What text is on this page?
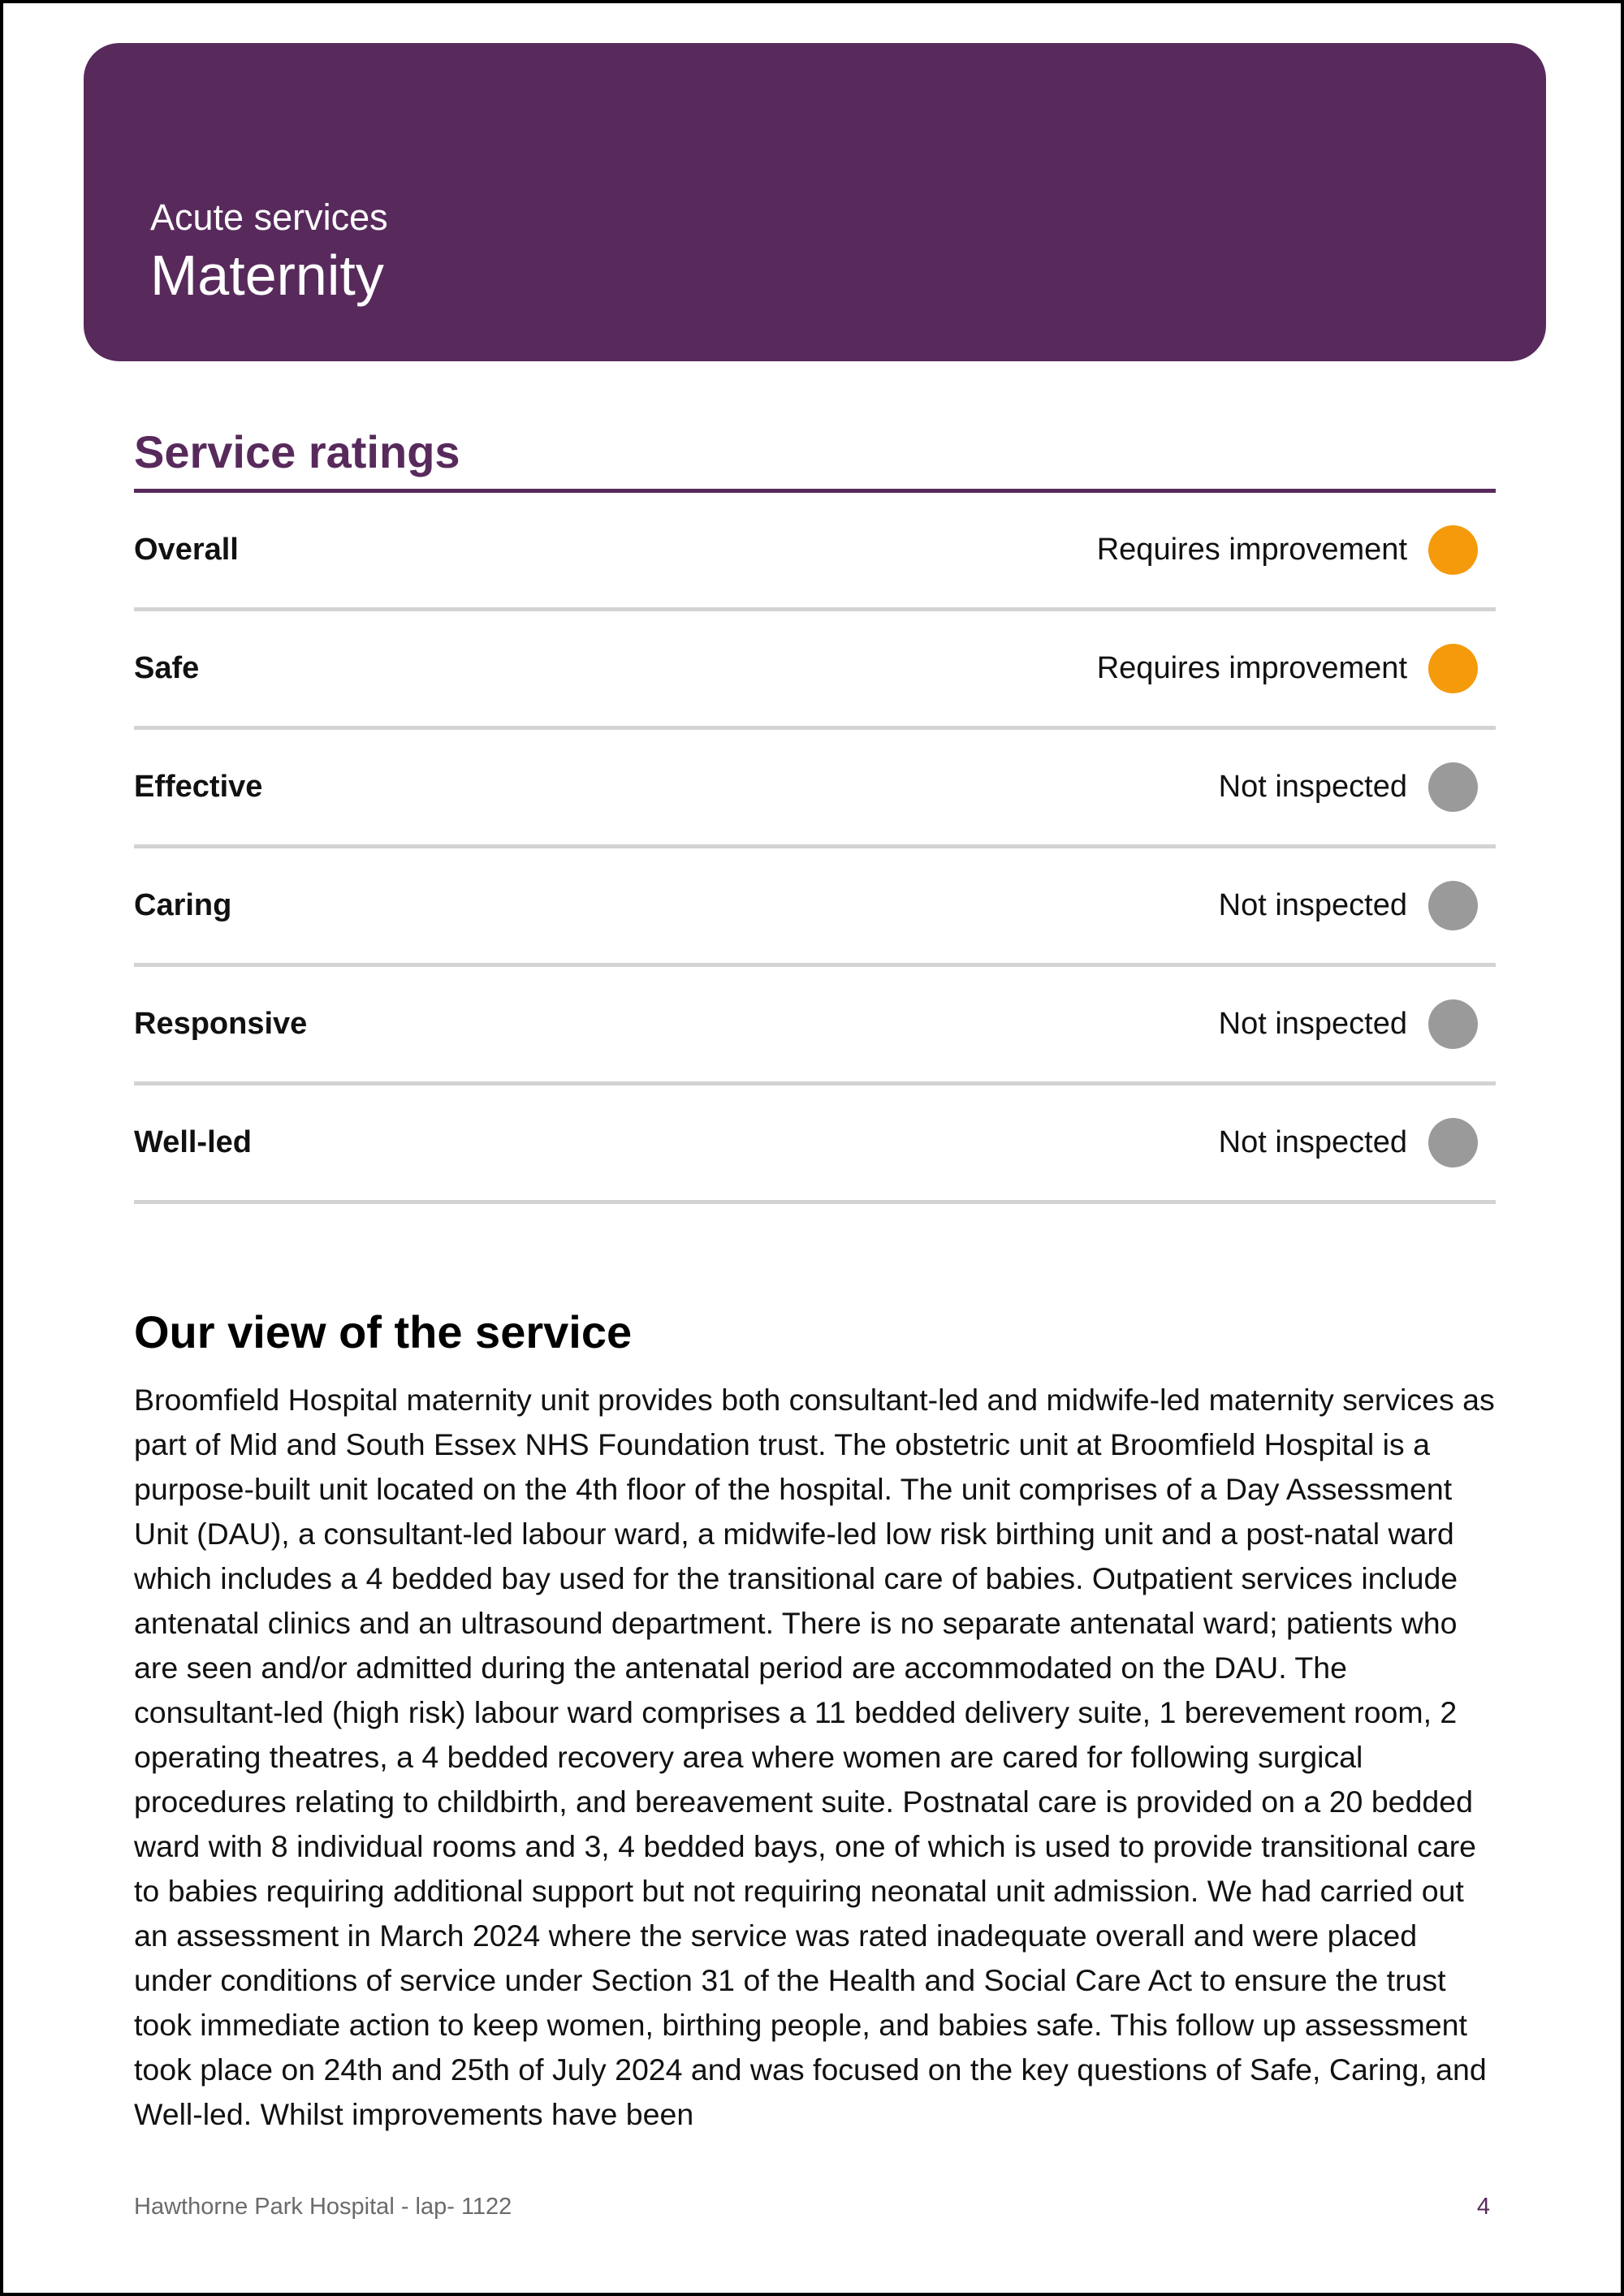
Acute services
Maternity
Service ratings
Overall	Requires improvement
Safe	Requires improvement
Effective	Not inspected
Caring	Not inspected
Responsive	Not inspected
Well-led	Not inspected
Our view of the service

Broomfield Hospital maternity unit provides both consultant-led and midwife-led maternity services as part of Mid and South Essex NHS Foundation trust. The obstetric unit at Broomfield Hospital is a purpose-built unit located on the 4th floor of the hospital. The unit comprises of a Day Assessment Unit (DAU), a consultant-led labour ward, a midwife-led low risk birthing unit and a post-natal ward which includes a 4 bedded bay used for the transitional care of babies. Outpatient services include antenatal clinics and an ultrasound department. There is no separate antenatal ward; patients who are seen and/or admitted during the antenatal period are accommodated on the DAU. The consultant-led (high risk) labour ward comprises a 11 bedded delivery suite, 1 berevement room, 2 operating theatres, a 4 bedded recovery area where women are cared for following surgical procedures relating to childbirth, and bereavement suite. Postnatal care is provided on a 20 bedded ward with 8 individual rooms and 3, 4 bedded bays, one of which is used to provide transitional care to babies requiring additional support but not requiring neonatal unit admission. We had carried out an assessment in March 2024 where the service was rated inadequate overall and were placed under conditions of service under Section 31 of the Health and Social Care Act to ensure the trust took immediate action to keep women, birthing people, and babies safe. This follow up assessment took place on 24th and 25th of July 2024 and was focused on the key questions of Safe, Caring, and Well-led. Whilst improvements have been

Hawthorne Park Hospital - lap- 1122	4
